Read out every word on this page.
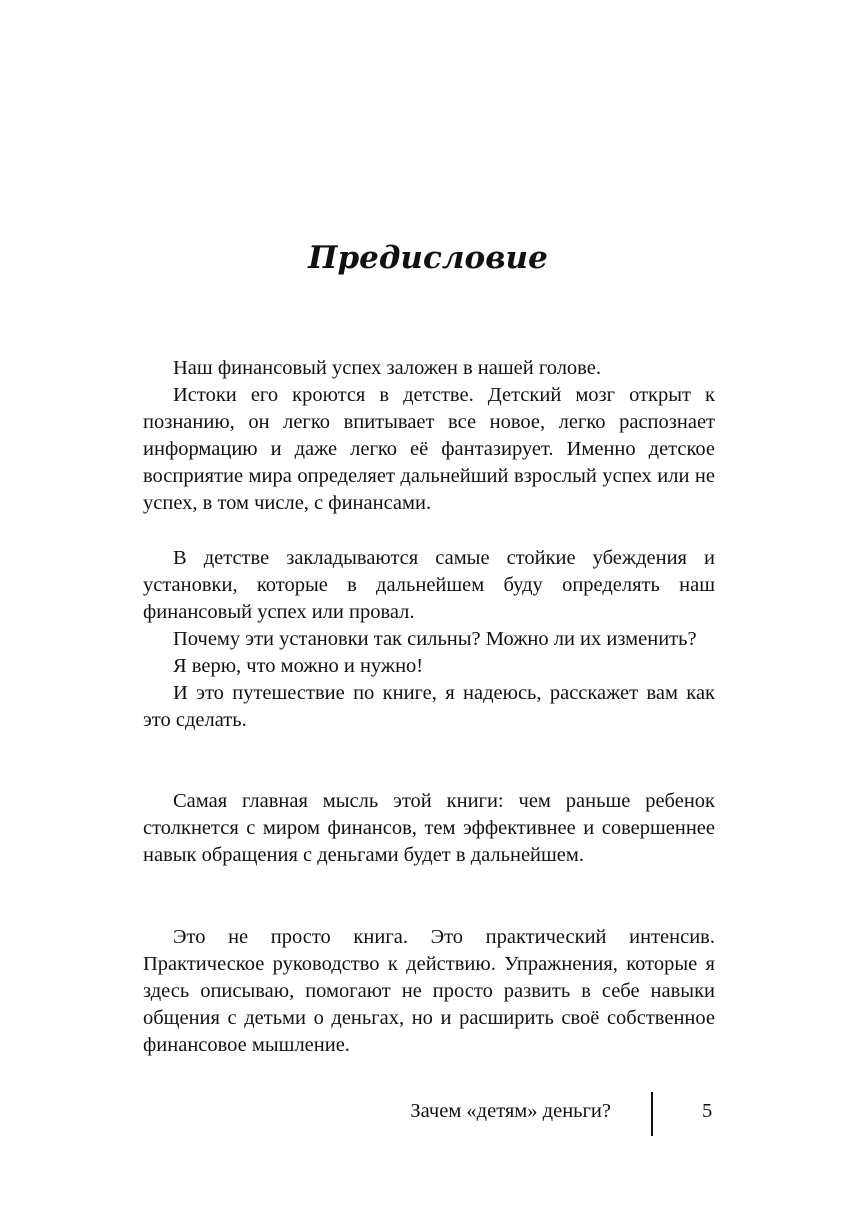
Предисловие

Наш финансовый успех заложен в нашей голове.

Истоки его кроются в детстве. Детский мозг открыт к познанию, он легко впитывает все новое, легко распознает информацию и даже легко её фантазирует. Именно детское восприятие мира определяет дальнейший взрослый успех или не успех, в том числе, с финансами.

В детстве закладываются самые стойкие убеждения и установки, которые в дальнейшем буду определять наш финансовый успех или провал.

Почему эти установки так сильны? Можно ли их изменить?

Я верю, что можно и нужно!

И это путешествие по книге, я надеюсь, расскажет вам как это сделать.

Самая главная мысль этой книги: чем раньше ребенок столкнется с миром финансов, тем эффективнее и совершеннее навык обращения с деньгами будет в дальнейшем.

Это не просто книга. Это практический интенсив. Практическое руководство к действию. Упражнения, которые я здесь описываю, помогают не просто развить в себе навыки общения с детьми о деньгах, но и расширить своё собственное финансовое мышление.

Зачем «детям» деньги?	5
